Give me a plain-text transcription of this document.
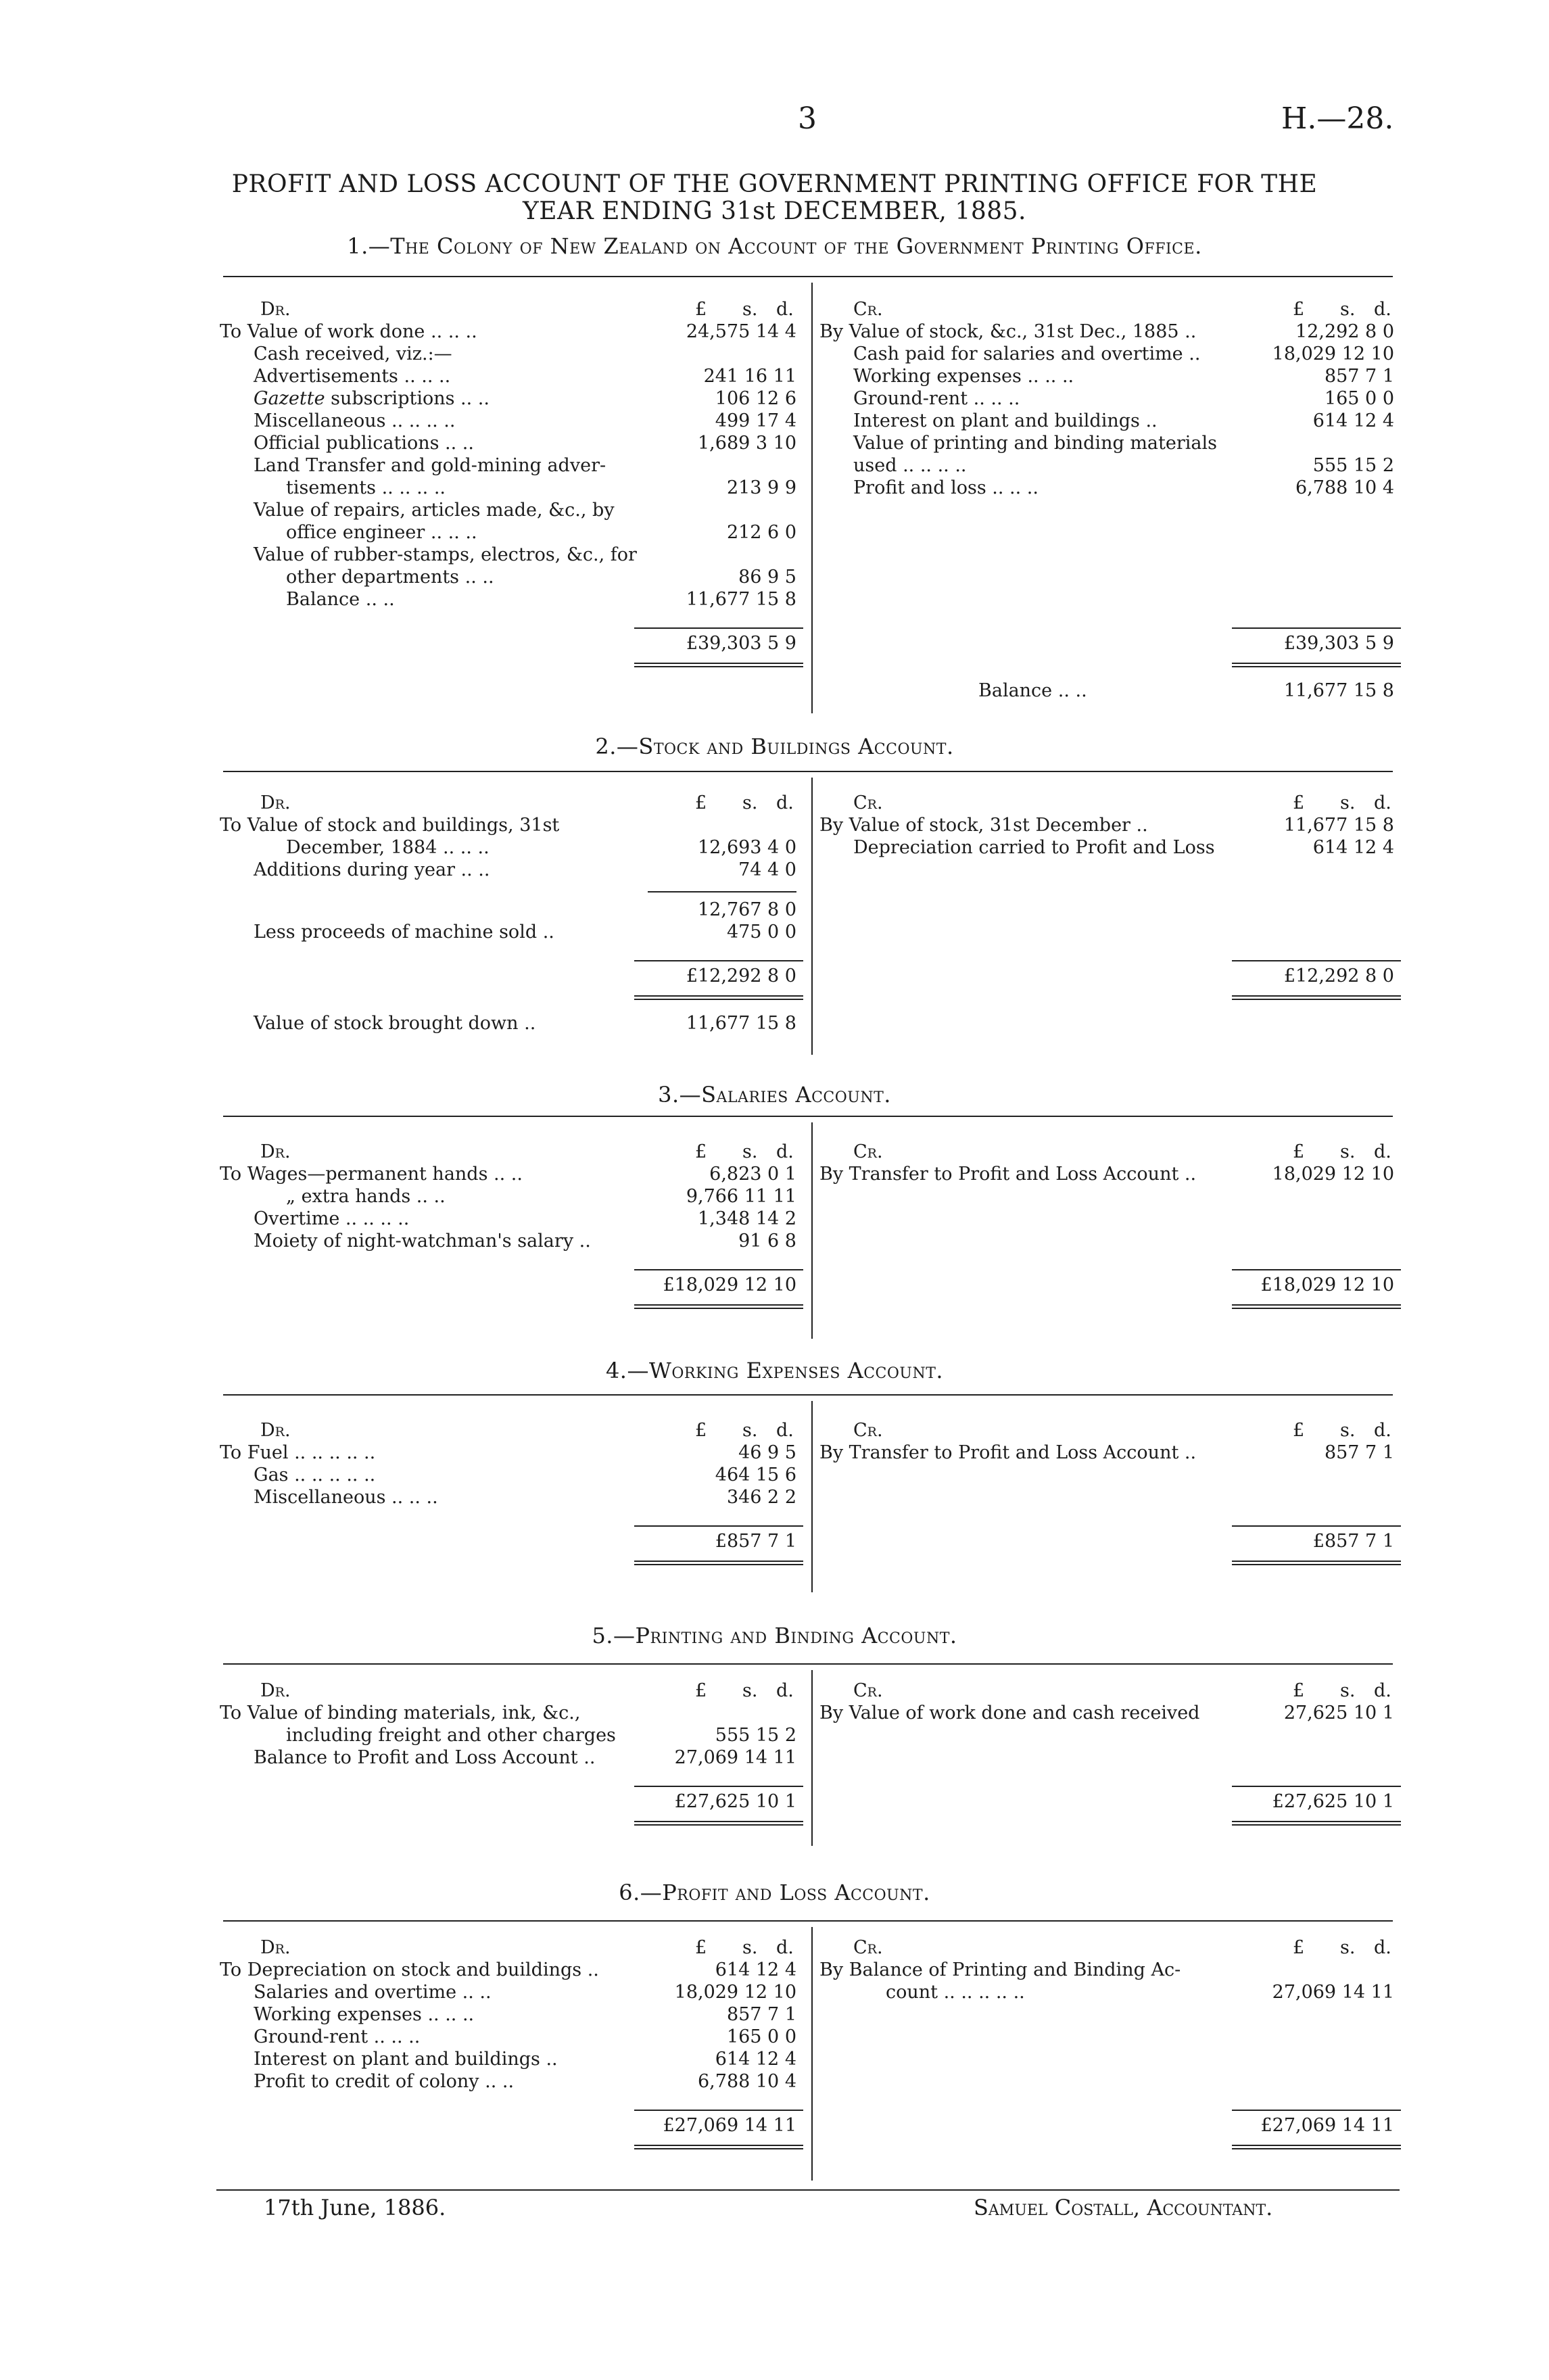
3	H.—28.
PROFIT AND LOSS ACCOUNT OF THE GOVERNMENT PRINTING OFFICE FOR THE
YEAR ENDING 31st DECEMBER, 1885.
1.—The Colony of New Zealand on Account of the Government Printing Office.
Dr.	Cr.
£ s. d.	£ s. d.
To Value of work done .. .. ..	24,575 14 4
Cash received, viz.:—
Advertisements .. .. ..	241 16 11
Gazette subscriptions .. ..	106 12 6
Miscellaneous .. .. .. ..	499 17 4
Official publications .. ..	1,689 3 10
Land Transfer and gold-mining adver-
tisements .. .. .. ..	213 9 9
Value of repairs, articles made, &c., by
office engineer .. .. ..	212 6 0
Value of rubber-stamps, electros, &c., for
other departments .. ..	86 9 5
Balance .. ..	11,677 15 8
By Value of stock, &c., 31st Dec., 1885 ..	12,292 8 0
Cash paid for salaries and overtime ..	18,029 12 10
Working expenses .. .. ..	857 7 1
Ground-rent .. .. ..	165 0 0
Interest on plant and buildings ..	614 12 4
Value of printing and binding materials
used .. .. .. ..	555 15 2
Profit and loss .. .. ..	6,788 10 4
£39,303 5 9	£39,303 5 9
Balance .. ..	11,677 15 8
2.—Stock and Buildings Account.
Dr.	Cr.
£ s. d.	£ s. d.
To Value of stock and buildings, 31st
December, 1884 .. .. ..	12,693 4 0
Additions during year .. ..	74 4 0
12,767 8 0
Less proceeds of machine sold ..	475 0 0
By Value of stock, 31st December ..	11,677 15 8
Depreciation carried to Profit and Loss	614 12 4
£12,292 8 0	£12,292 8 0
Value of stock brought down ..	11,677 15 8
3.—Salaries Account.
Dr.	Cr.
£ s. d.	£ s. d.
To Wages—permanent hands .. ..	6,823 0 1
„ extra hands .. ..	9,766 11 11
Overtime .. .. .. ..	1,348 14 2
Moiety of night-watchman's salary ..	91 6 8
By Transfer to Profit and Loss Account ..	18,029 12 10
£18,029 12 10	£18,029 12 10
4.—Working Expenses Account.
Dr.	Cr.
£ s. d.	£ s. d.
To Fuel .. .. .. .. ..	46 9 5
Gas .. .. .. .. ..	464 15 6
Miscellaneous .. .. ..	346 2 2
By Transfer to Profit and Loss Account ..	857 7 1
£857 7 1	£857 7 1
5.—Printing and Binding Account.
Dr.	Cr.
£ s. d.	£ s. d.
To Value of binding materials, ink, &c.,
including freight and other charges	555 15 2
Balance to Profit and Loss Account ..	27,069 14 11
By Value of work done and cash received	27,625 10 1
£27,625 10 1	£27,625 10 1
6.—Profit and Loss Account.
Dr.	Cr.
£ s. d.	£ s. d.
To Depreciation on stock and buildings ..	614 12 4
Salaries and overtime .. ..	18,029 12 10
Working expenses .. .. ..	857 7 1
Ground-rent .. .. ..	165 0 0
Interest on plant and buildings ..	614 12 4
Profit to credit of colony .. ..	6,788 10 4
By Balance of Printing and Binding Ac-
count .. .. .. .. ..	27,069 14 11
£27,069 14 11	£27,069 14 11
17th June, 1886.	Samuel Costall, Accountant.
